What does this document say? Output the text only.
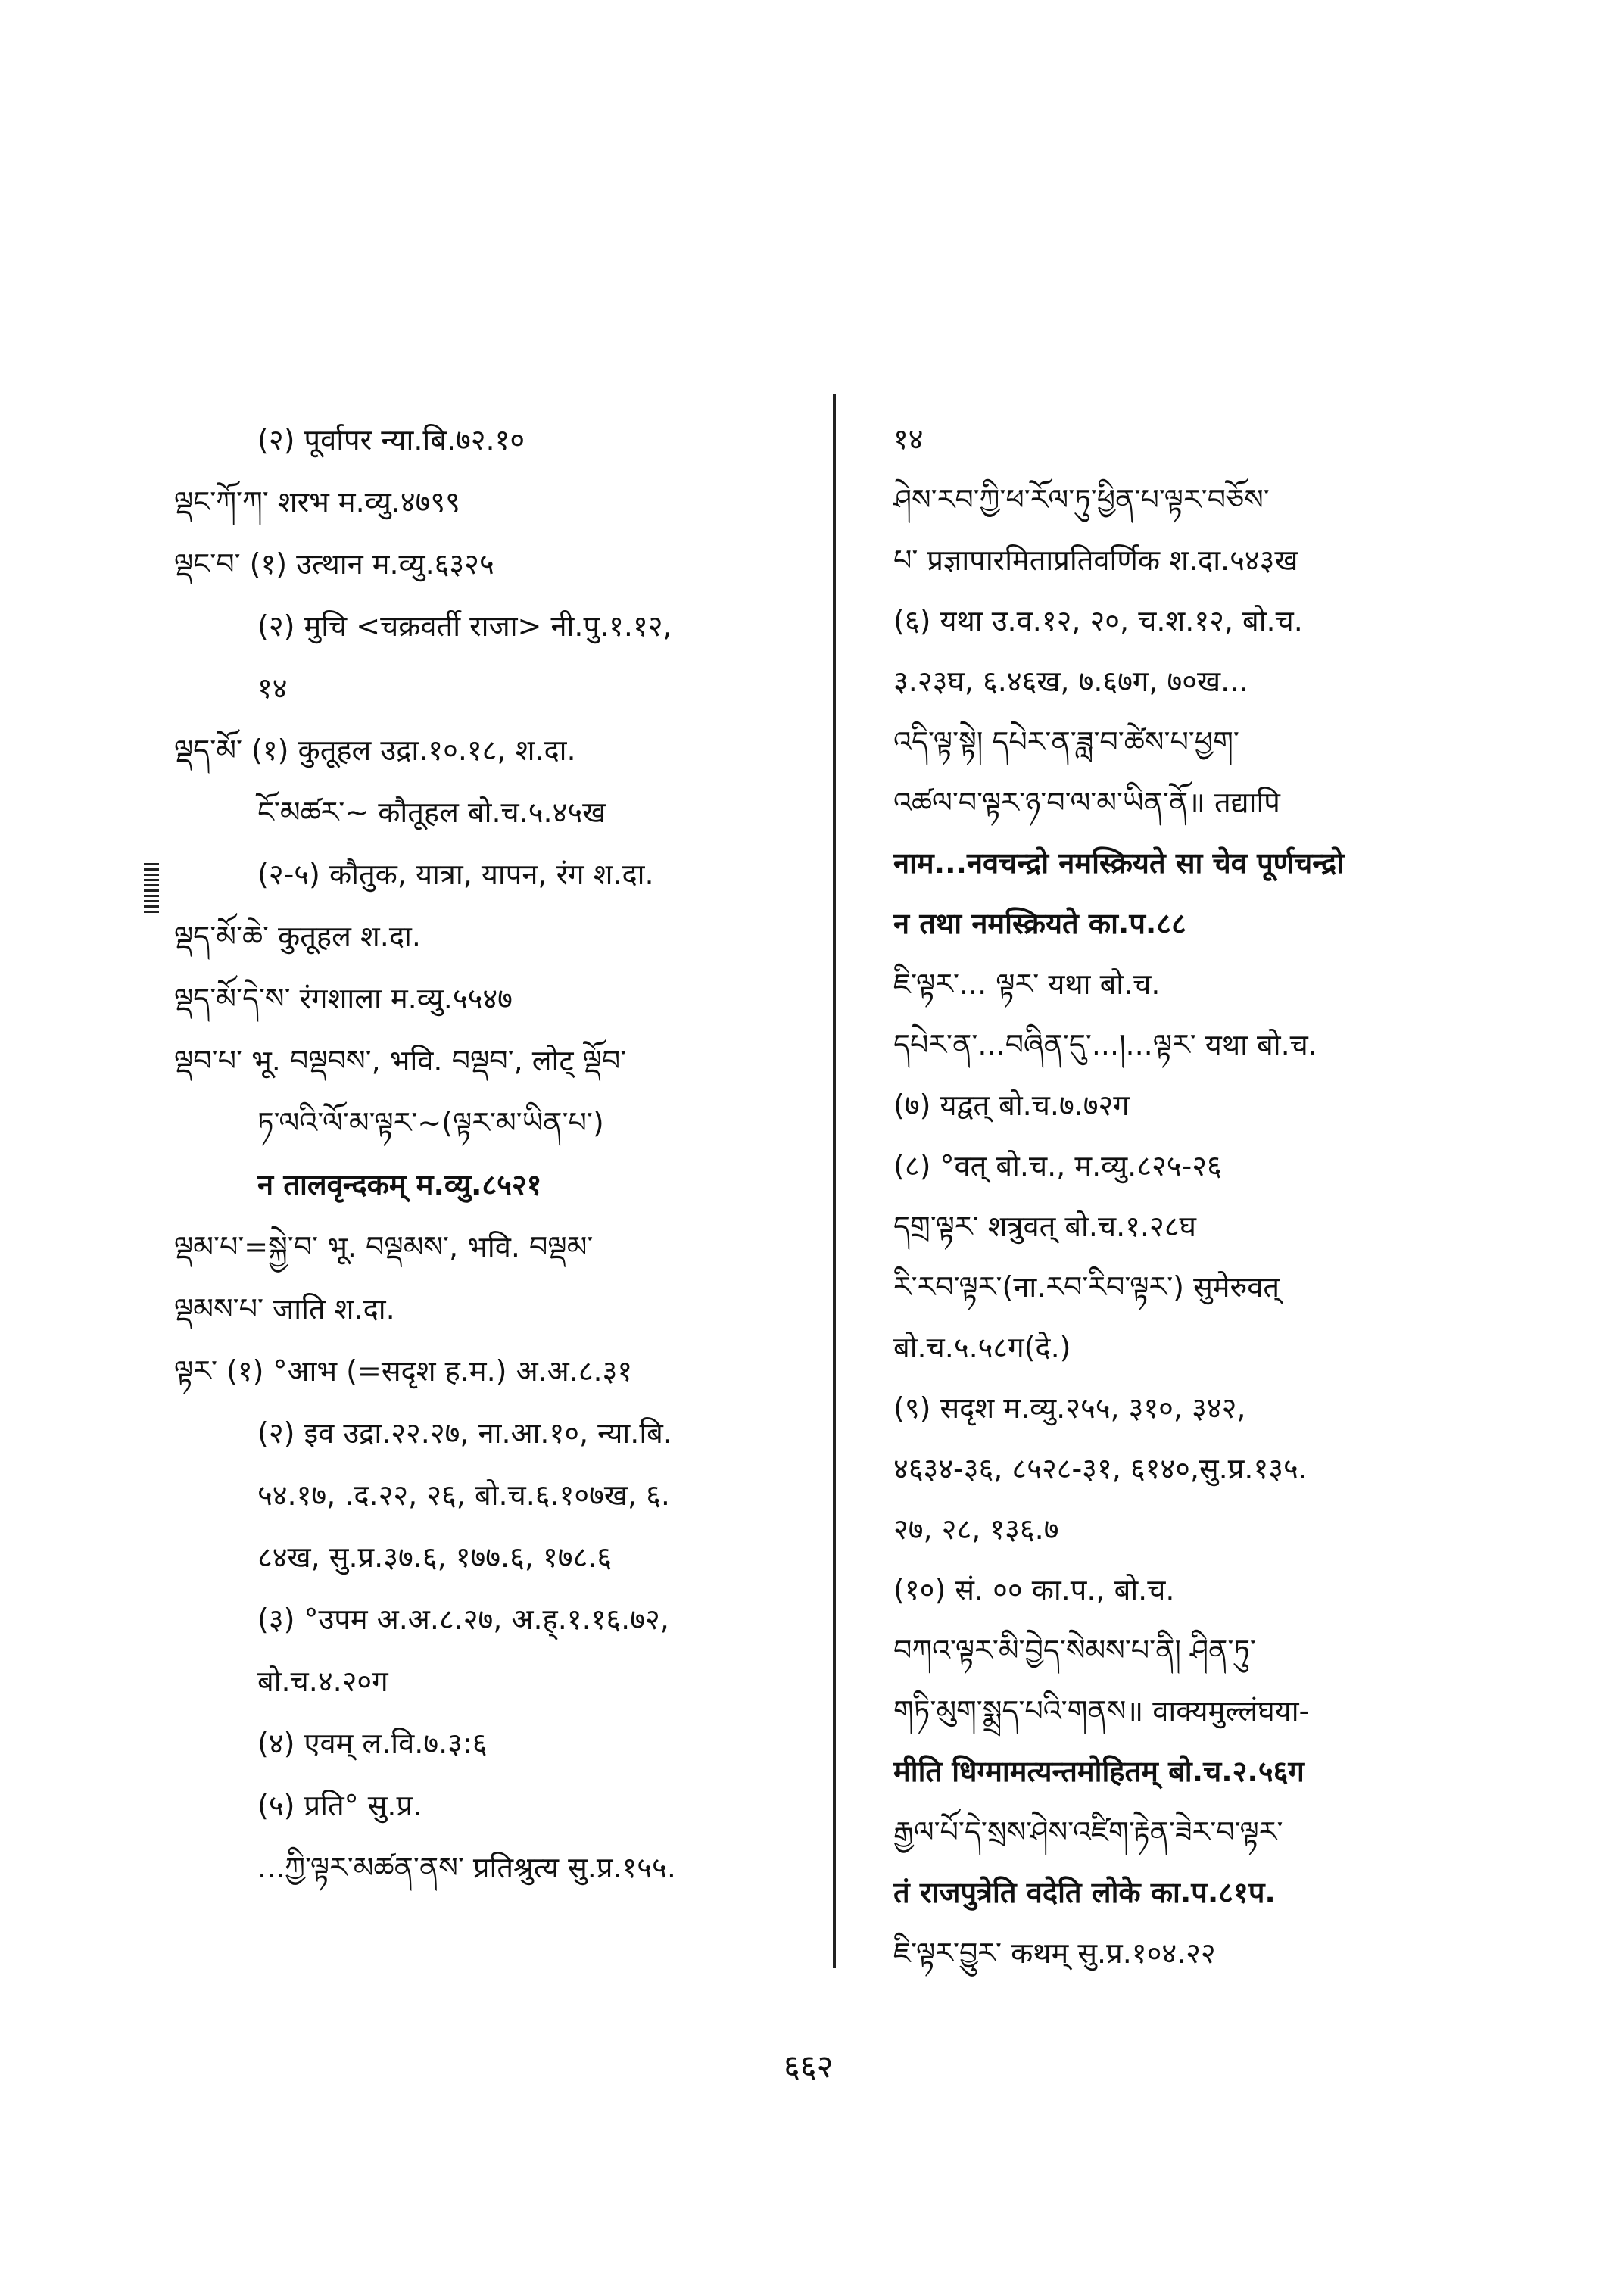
(२) पूर्वापर न्या.बि.७२.१०

ལྡང་ཀོ་ཀ་ शरभ म.व्यु.४७९९

ལྡང་བ་ (१) उत्थान म.व्यु.६३२५

(२) मुचि <चक्रवर्ती राजा> नी.पु.१.१२,

१४

ལྡད་མོ་ (१) कुतूहल उद्रा.१०.१८, श.दा.

ངོ་མཚར་~ कौतूहल बो.च.५.४५ख

(२-५) कौतुक, यात्रा, यापन, रंग श.दा.

ལྡད་མོ་ཆེ་ कुतूहल श.दा.

ལྡད་མོ་དེ་ས་ रंगशाला म.व्यु.५५४७

ལྡབ་པ་ भू. བལྡབས་, भवि. བལྡབ་, लोट् ལྡོབ་

ཏ་ལའི་ལོ་མ་ལྟར་~(ལྟར་མ་ཡིན་པ་)

न तालवृन्दकम् म.व्यु.८५२१

ལྡམ་པ་=སྐྱེ་བ་ भू. བལྡམས་, भवि. བལྡམ་

ལྡམས་པ་ जाति श.दा.

ལྟར་ (१) °आभ (=सदृश ह.म.) अ.अ.८.३१

(२) इव उद्रा.२२.२७, ना.आ.१०, न्या.बि.

५४.१७, .द.२२, २६, बो.च.६.१०७ख, ६.

८४ख, सु.प्र.३७.६, १७७.६, १७८.६

(३) °उपम अ.अ.८.२७, अ.ह्.१.१६.७२,

बो.च.४.२०ग

(४) एवम् ल.वि.७.३:६

(५) प्रति° सु.प्र.

...ཀྱི་ལྟར་མཚན་ནས་ प्रतिश्रुत्य सु.प्र.१५५.

१४

ཤེས་རབ་ཀྱི་ཕ་རོལ་ཏུ་ཕྱིན་པ་ལྟར་བཅོས་

པ་ प्रज्ञापारमिताप्रतिवर्णिक श.दा.५४३ख

(६) यथा उ.व.१२, २०, च.श.१२, बो.च.

३.२३घ, ६.४६ख, ७.६७ग, ७०ख...

འདི་ལྟ་སྟེ། དཔེར་ན་ཟླ་བ་ཚེས་པ་ཕྱག་

འཚལ་བ་ལྟར་ཉ་བ་ལ་མ་ཡིན་ནོ॥ तद्यापि

नाम...नवचन्द्रो नमस्क्रियते सा चेव पूर्णचन्द्रो

न तथा नमस्क्रियते का.प.८८

ཇི་ལྟར་... ལྟར་ यथा बो.च.

དཔེར་ན་...བཞིན་དུ་...།...ལྟར་ यथा बो.च.

(७) यद्वत् बो.च.७.७२ग

(८) °वत् बो.च., म.व्यु.८२५-२६

དགྲ་ལྟར་ शत्रुवत् बो.च.१.२८घ

རི་རབ་ལྟར་(ना.རབ་རིབ་ལྟར་) सुमेरुवत्

बो.च.५.५८ग(दे.)

(९) सदृश म.व्यु.२५५, ३१०, ३४२,

४६३४-३६, ८५२८-३१, ६१४०,सु.प्र.१३५.

२७, २८, १३६.७

(१०) सं. ०० का.प., बो.च.

བཀའ་ལྟར་མི་བྱེད་སེམས་པ་ནི། ཤིན་ཏུ་

གཏི་མུག་སྨྲད་པའི་གནས॥ वाक्यमुल्लंघया-

मीति धिग्मामत्यन्तमोहितम् बो.च.२.५६ग

རྒྱལ་པོ་དེ་སྲས་ཤེས་འཛིག་རྟེན་ཟེར་བ་ལྟར་

तं राजपुत्रेति वदेति लोके का.प.८१प.

ཇི་ལྟར་བྱུར་ कथम् सु.प्र.१०४.२२

६६२
